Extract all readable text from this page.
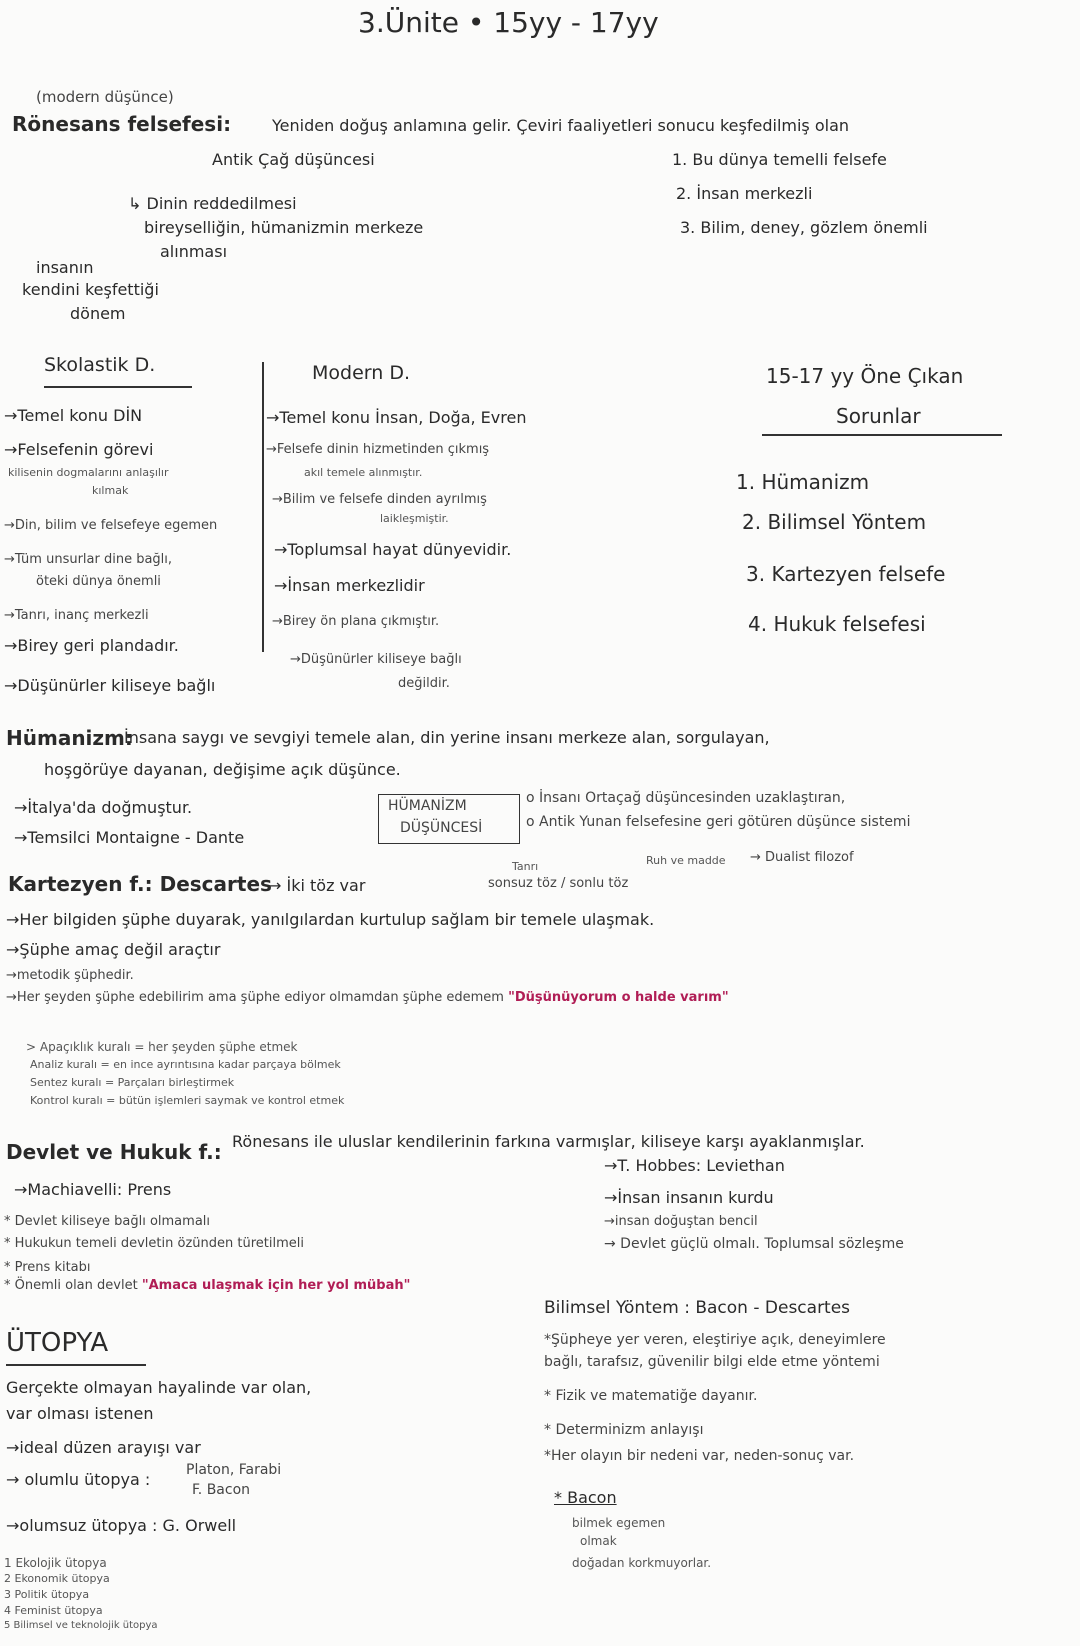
3.Ünite • 15yy - 17yy
(modern düşünce)
Rönesans felsefesi:	Yeniden doğuş anlamına gelir. Çeviri faaliyetleri sonucu keşfedilmiş olan
Antik Çağ düşüncesi
↳ Dinin reddedilmesi
bireyselliğin, hümanizmin merkeze
alınması
insanın
kendini keşfettiği
dönem
1. Bu dünya temelli felsefe
2. İnsan merkezli
3. Bilim, deney, gözlem önemli
Skolastik D.
→Temel konu DİN
→Felsefenin görevi
kilisenin dogmalarını anlaşılır
kılmak
→Din, bilim ve felsefeye egemen
→Tüm unsurlar dine bağlı,
öteki dünya önemli
→Tanrı, inanç merkezli
→Birey geri plandadır.
→Düşünürler kiliseye bağlı
Modern D.
→Temel konu İnsan, Doğa, Evren
→Felsefe dinin hizmetinden çıkmış
akıl temele alınmıştır.
→Bilim ve felsefe dinden ayrılmış
laikleşmiştir.
→Toplumsal hayat dünyevidir.
→İnsan merkezlidir
→Birey ön plana çıkmıştır.
→Düşünürler kiliseye bağlı
değildir.
15-17 yy Öne Çıkan
Sorunlar
1. Hümanizm
2. Bilimsel Yöntem
3. Kartezyen felsefe
4. Hukuk felsefesi
Hümanizm:
İnsana saygı ve sevgiyi temele alan, din yerine insanı merkeze alan, sorgulayan,
hoşgörüye dayanan, değişime açık düşünce.
→İtalya'da doğmuştur.
→Temsilci Montaigne - Dante
HÜMANİZM
DÜŞÜNCESİ
o İnsanı Ortaçağ düşüncesinden uzaklaştıran,
o Antik Yunan felsefesine geri götüren düşünce sistemi
Kartezyen f.: Descartes
→ İki töz var
Tanrı
sonsuz töz / sonlu töz
Ruh ve madde → Dualist filozof
→Her bilgiden şüphe duyarak, yanılgılardan kurtulup sağlam bir temele ulaşmak.
→Şüphe amaç değil araçtır
→metodik şüphedir.
→Her şeyden şüphe edebilirim ama şüphe ediyor olmamdan şüphe edemem "Düşünüyorum o halde varım"
> Apaçıklık kuralı = her şeyden şüphe etmek
Analiz kuralı = en ince ayrıntısına kadar parçaya bölmek
Sentez kuralı = Parçaları birleştirmek
Kontrol kuralı = bütün işlemleri saymak ve kontrol etmek
Devlet ve Hukuk f.: Rönesans ile uluslar kendilerinin farkına varmışlar, kiliseye karşı ayaklanmışlar.
→Machiavelli: Prens
* Devlet kiliseye bağlı olmamalı
* Hukukun temeli devletin özünden türetilmeli
* Prens kitabı
* Önemli olan devlet "Amaca ulaşmak için her yol mübah"
→T. Hobbes: Leviethan
→İnsan insanın kurdu
→insan doğuştan bencil
→ Devlet güçlü olmalı. Toplumsal sözleşme
ÜTOPYA
Gerçekte olmayan hayalinde var olan,
var olması istenen
→ideal düzen arayışı var
→ olumlu ütopya :	Platon, Farabi
F. Bacon
→olumsuz ütopya : G. Orwell
1 Ekolojik ütopya
2 Ekonomik ütopya
3 Politik ütopya
4 Feminist ütopya
5 Bilimsel ve teknolojik ütopya
Bilimsel Yöntem : Bacon - Descartes
*Şüpheye yer veren, eleştiriye açık, deneyimlere
bağlı, tarafsız, güvenilir bilgi elde etme yöntemi
* Fizik ve matematiğe dayanır.
* Determinizm anlayışı
*Her olayın bir nedeni var, neden-sonuç var.
* Bacon
bilmek egemen
olmak
doğadan korkmuyorlar.
